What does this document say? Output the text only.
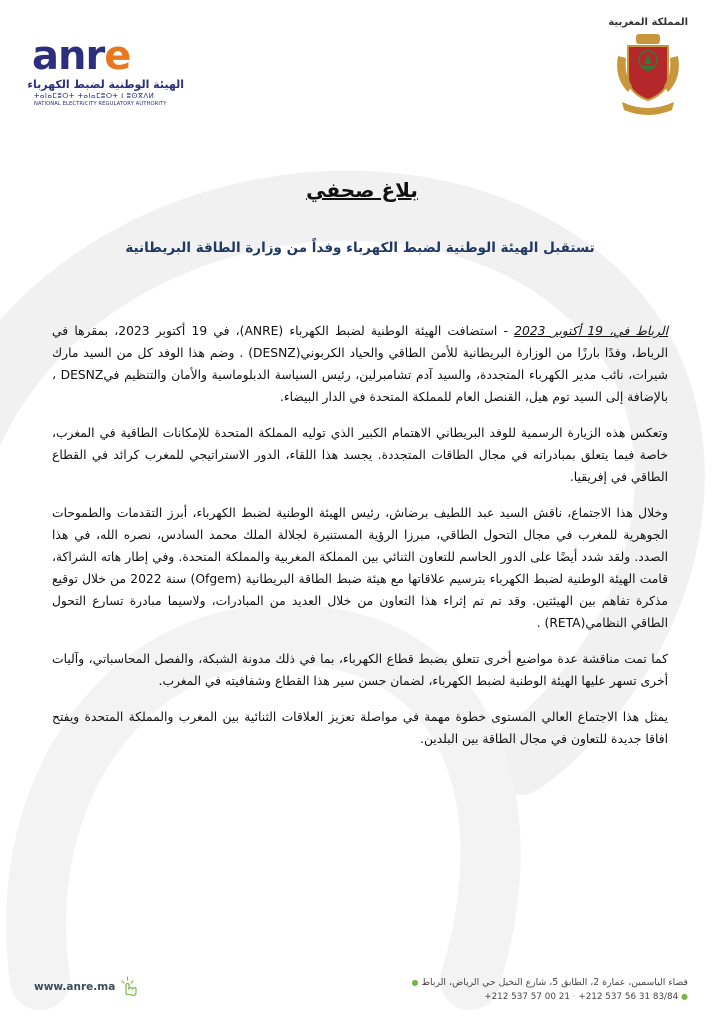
anre
الهيئة الوطنية لضبط الكهرباء
ⵜⴰⵏⴰⵎⵓⵔⵜ ⵜⴰⵏⴰⵎⵓⵔⵜ ⵏ ⵓⵙⴳⴷⵍ
NATIONAL ELECTRICITY REGULATORY AUTHORITY
المملكة المغربية
بلاغ صحفي
تستقبل الهيئة الوطنية لضبط الكهرباء وفداً من وزارة الطاقة البريطانية

الرباط في، 19 أكتوبر 2023 - استضافت الهيئة الوطنية لضبط الكهرباء (ANRE)، في 19 أكتوبر 2023، بمقرها في الرباط، وفدًا بارزًا من الوزارة البريطانية للأمن الطاقي والحياد الكربوني(DESNZ) . وضم هذا الوفد كل من السيد مارك شيرات، نائب مدير الكهرباء المتجددة، والسيد آدم تشامبرلين، رئيس السياسة الدبلوماسية والأمان والتنظيم فيDESNZ ، بالإضافة إلى السيد توم هيل، القنصل العام للمملكة المتحدة في الدار البيضاء.

وتعكس هذه الزيارة الرسمية للوفد البريطاني الاهتمام الكبير الذي توليه المملكة المتحدة للإمكانات الطاقية في المغرب، خاصة فيما يتعلق بمبادراته في مجال الطاقات المتجددة. يجسد هذا اللقاء، الدور الاستراتيجي للمغرب كرائد في القطاع الطاقي في إفريقيا.

وخلال هذا الاجتماع، ناقش السيد عبد اللطيف برضاش، رئيس الهيئة الوطنية لضبط الكهرباء، أبرز التقدمات والطموحات الجوهرية للمغرب في مجال التحول الطاقي، مبرزا الرؤية المستنيرة لجلالة الملك محمد السادس، نصره الله، في هذا الصدد. ولقد شدد أيضًا على الدور الحاسم للتعاون الثنائي بين المملكة المغربية والمملكة المتحدة. وفي إطار هاته الشراكة، قامت الهيئة الوطنية لضبط الكهرباء بترسيم علاقاتها مع هيئة ضبط الطاقة البريطانية (Ofgem) سنة 2022 من خلال توقيع مذكرة تفاهم بين الهيئتين. وقد تم تم إثراء هذا التعاون من خلال العديد من المبادرات، ولاسيما مبادرة تسارع التحول الطاقي النظامي(RETA) .

كما تمت مناقشة عدة مواضيع أخرى تتعلق بضبط قطاع الكهرباء، بما في ذلك مدونة الشبكة، والفصل المحاسباتي، وآليات أخرى تسهر عليها الهيئة الوطنية لضبط الكهرباء، لضمان حسن سير هذا القطاع وشفافيته في المغرب.

يمثل هذا الاجتماع العالي المستوى خطوة مهمة في مواصلة تعزيز العلاقات الثنائية بين المغرب والمملكة المتحدة ويفتح افاقا جديدة للتعاون في مجال الطاقة بين البلدين.

www.anre.ma	فضاء الياسمين، عمارة 2، الطابق 5، شارع النخيل حي الرياض، الرباط ●
+212 537 57 00 21 · +212 537 56 31 83/84 ●
